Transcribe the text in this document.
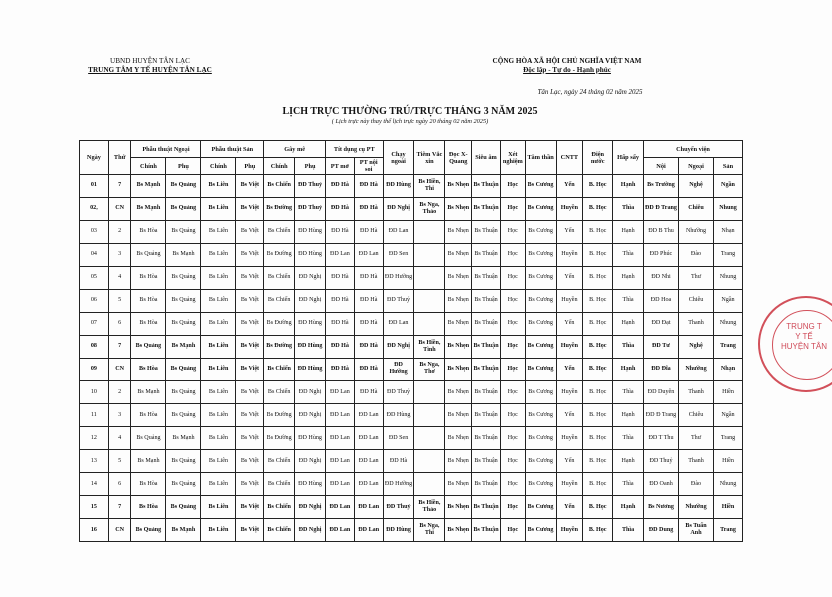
UBND HUYỆN TÂN LẠC
TRUNG TÂM Y TẾ HUYỆN TÂN LẠC
CỘNG HÒA XÃ HỘI CHỦ NGHĨA VIỆT NAM
Độc lập - Tự do - Hạnh phúc
Tân Lạc, ngày 24 tháng 02 năm 2025
LỊCH TRỰC THƯỜNG TRÚ/TRỰC THÁNG 3 NĂM 2025
( Lịch trực này thay thế lịch trực ngày 20 tháng 02 năm 2025)
Ngày	Thứ	Phẫu thuật Ngoại		Phẫu thuật Sản		Gây mê		Tít dụng cụ PT		Chạy ngoài	Tiêm Vắc xin	Đọc X-Quang	Siêu âm	Xét nghiệm	Tâm thần	CNTT	Điện nước	Hấp sấy	Chuyển viện		
		Chính	Phụ	Chính	Phụ	Chính	Phụ	PT mở	PT nội soi										Nội	Ngoại	Sản
01	7	Bs Mạnh	Bs Quảng	Bs Liên	Bs Việt	Bs Chiến	ĐD Thuỷ	ĐD Hà	ĐD Hà	ĐD Hùng	Bs Hiền, Thi	Bs Nhẹn	Bs Thuận	Học	Bs Cương	Yến	B. Học	Hạnh	Bs Trường	Nghệ	Ngần
02,	CN	Bs Mạnh	Bs Quảng	Bs Liên	Bs Việt	Bs Đường	ĐD Thuỷ	ĐD Hà	ĐD Hà	ĐD Nghị	Bs Nga, Thảo	Bs Nhẹn	Bs Thuận	Học	Bs Cương	Huyền	B. Học	Thìa	ĐD Đ Trang	Chiêu	Nhung
03	2	Bs Hòa	Bs Quảng	Bs Liên	Bs Việt	Bs Chiến	ĐD Hùng	ĐD Hà	ĐD Hà	ĐD Lan		Bs Nhẹn	Bs Thuận	Học	Bs Cương	Yến	B. Học	Hạnh	ĐD B Thu	Nhường	Nhạn
04	3	Bs Quảng	Bs Mạnh	Bs Liên	Bs Việt	Bs Đường	ĐD Hùng	ĐD Lan	ĐD Lan	ĐD Sen		Bs Nhẹn	Bs Thuận	Học	Bs Cương	Huyền	B. Học	Thìa	ĐD Phúc	Đào	Trang
05	4	Bs Hòa	Bs Quảng	Bs Liên	Bs Việt	Bs Chiến	ĐD Nghị	ĐD Hà	ĐD Hà	ĐD Hường		Bs Nhẹn	Bs Thuận	Học	Bs Cương	Yến	B. Học	Hạnh	ĐD Nhi	Thư	Nhung
06	5	Bs Hòa	Bs Quảng	Bs Liên	Bs Việt	Bs Chiến	ĐD Nghị	ĐD Hà	ĐD Hà	ĐD Thuỷ		Bs Nhẹn	Bs Thuận	Học	Bs Cương	Huyền	B. Học	Thìa	ĐD Hoa	Chiêu	Ngần
07	6	Bs Hòa	Bs Quảng	Bs Liên	Bs Việt	Bs Đường	ĐD Hùng	ĐD Hà	ĐD Hà	ĐD Lan		Bs Nhẹn	Bs Thuận	Học	Bs Cương	Yến	B. Học	Hạnh	ĐD Đạt	Thanh	Nhung
08	7	Bs Quảng	Bs Mạnh	Bs Liên	Bs Việt	Bs Đường	ĐD Hùng	ĐD Hà	ĐD Hà	ĐD Nghị	Bs Hiền, Tình	Bs Nhẹn	Bs Thuận	Học	Bs Cương	Huyền	B. Học	Thìa	ĐD Tư	Nghệ	Trang
09	CN	Bs Hòa	Bs Quảng	Bs Liên	Bs Việt	Bs Chiến	ĐD Hùng	ĐD Hà	ĐD Hà	ĐD Hường	Bs Nga, Thơ	Bs Nhẹn	Bs Thuận	Học	Bs Cương	Yến	B. Học	Hạnh	ĐD Đĩa	Nhường	Nhạn
10	2	Bs Mạnh	Bs Quảng	Bs Liên	Bs Việt	Bs Chiến	ĐD Nghị	ĐD Lan	ĐD Hà	ĐD Thuỷ		Bs Nhẹn	Bs Thuận	Học	Bs Cương	Huyền	B. Học	Thìa	ĐD Duyên	Thanh	Hiền
11	3	Bs Hòa	Bs Quảng	Bs Liên	Bs Việt	Bs Đường	ĐD Nghị	ĐD Lan	ĐD Lan	ĐD Hùng		Bs Nhẹn	Bs Thuận	Học	Bs Cương	Yến	B. Học	Hạnh	ĐD Đ Trang	Chiêu	Ngần
12	4	Bs Quảng	Bs Mạnh	Bs Liên	Bs Việt	Bs Đường	ĐD Hùng	ĐD Lan	ĐD Lan	ĐD Sen		Bs Nhẹn	Bs Thuận	Học	Bs Cương	Huyền	B. Học	Thìa	ĐD T Thu	Thư	Trang
13	5	Bs Mạnh	Bs Quảng	Bs Liên	Bs Việt	Bs Chiến	ĐD Nghị	ĐD Lan	ĐD Lan	ĐD Hà		Bs Nhẹn	Bs Thuận	Học	Bs Cương	Yến	B. Học	Hạnh	ĐD Thuỷ	Thanh	Hiền
14	6	Bs Hòa	Bs Quảng	Bs Liên	Bs Việt	Bs Chiến	ĐD Hùng	ĐD Lan	ĐD Lan	ĐD Hường		Bs Nhẹn	Bs Thuận	Học	Bs Cương	Huyền	B. Học	Thìa	ĐD Oanh	Đào	Nhung
15	7	Bs Hòa	Bs Quảng	Bs Liên	Bs Việt	Bs Chiến	ĐD Nghị	ĐD Lan	ĐD Lan	ĐD Thuỷ	Bs Hiền, Thảo	Bs Nhẹn	Bs Thuận	Học	Bs Cương	Yến	B. Học	Hạnh	Bs Nương	Nhường	Hiền
16	CN	Bs Quảng	Bs Mạnh	Bs Liên	Bs Việt	Bs Chiến	ĐD Nghị	ĐD Lan	ĐD Lan	ĐD Hùng	Bs Nga, Thi	Bs Nhẹn	Bs Thuận	Học	Bs Cương	Huyền	B. Học	Thìa	ĐD Dung	Bs Tuấn Anh	Trang
TRUNG T
Y TẾ
HUYỆN TÂN
